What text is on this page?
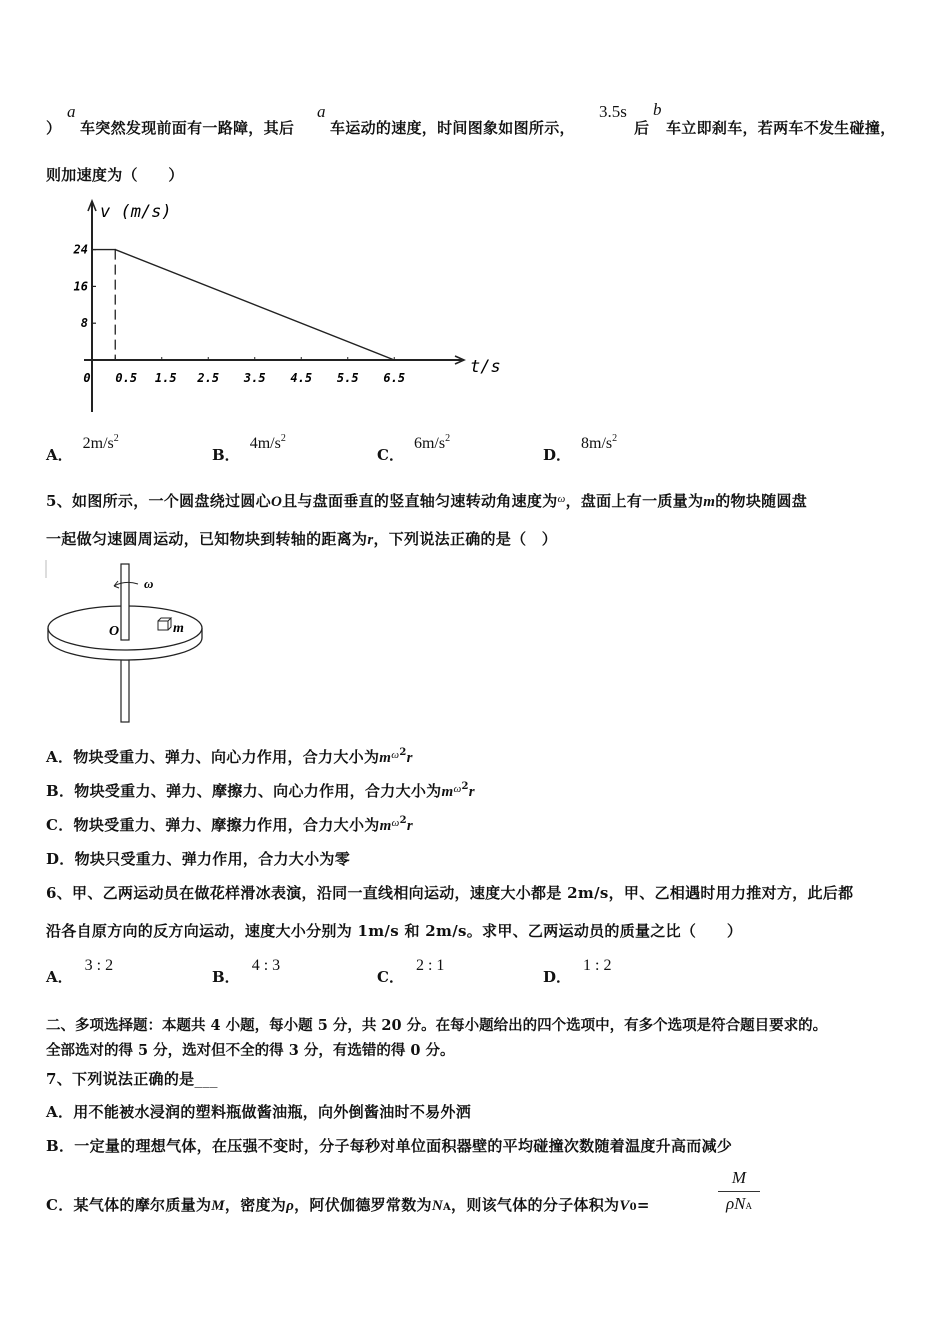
）
a
车突然发现前面有一路障，其后
a
车运动的速度，时间图象如图所示，
3.5s
后
b
车立即刹车，若两车不发生碰撞，
则加速度为（　　）
v (m/s)
t/s
24
16
8
0 0.5 1.5 2.5 3.5 4.5 5.5 6.5
A．$2m/s^2$
B．$4m/s^2$
C．$6m/s^2$
D．$8m/s^2$
5、如图所示，一个圆盘绕过圆心O且与盘面垂直的竖直轴匀速转动角速度为$^\omega$，盘面上有一质量为m的物块随圆盘
一起做匀速圆周运动，已知物块到转轴的距离为r，下列说法正确的是（　）
ω
O	m
A．物块受重力、弹力、向心力作用，合力大小为$m^{\omega 2}r$
B．物块受重力、弹力、摩擦力、向心力作用，合力大小为$m^{\omega 2}r$
C．物块受重力、弹力、摩擦力作用，合力大小为$m^{\omega 2}r$
D．物块只受重力、弹力作用，合力大小为零
6、甲、乙两运动员在做花样滑冰表演，沿同一直线相向运动，速度大小都是 2m/s，甲、乙相遇时用力推对方，此后都
沿各自原方向的反方向运动，速度大小分别为 1m/s 和 2m/s。求甲、乙两运动员的质量之比（　　）
A．3 : 2
B．4 : 3
C．2 : 1
D．1 : 2
二、多项选择题：本题共 4 小题，每小题 5 分，共 20 分。在每小题给出的四个选项中，有多个选项是符合题目要求的。
全部选对的得 5 分，选对但不全的得 3 分，有选错的得 0 分。
7、下列说法正确的是___
A．用不能被水浸润的塑料瓶做酱油瓶，向外倒酱油时不易外洒
B．一定量的理想气体，在压强不变时，分子每秒对单位面积器壁的平均碰撞次数随着温度升高而减少
C．某气体的摩尔质量为M，密度为ρ，阿伏伽德罗常数为NA，则该气体的分子体积为V0=
M
ρNA
